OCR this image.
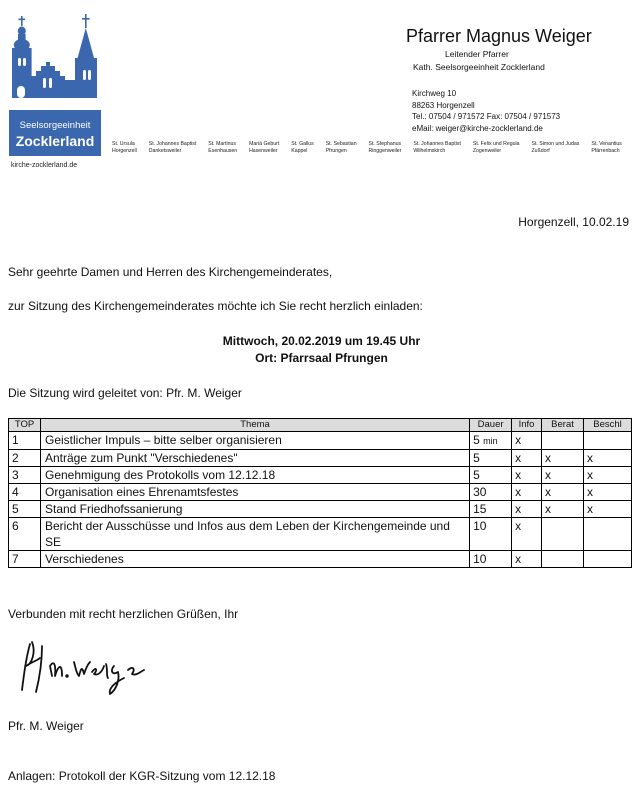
Seelsorgeeinheit
Zocklerland
kirche-zocklerland.de
St. Ursula
Horgenzell
St. Johannes Baptist
Danketsweiler
St. Martinus
Esenhausen
Mariä Geburt
Hasenweiler
St. Gallus
Kappel
St. Sebastian
Pfrungen
St. Stephanus
Ringgenweiler
St. Johannes Baptist
Wilhelmskirch
St. Felix und Regula
Zogenweiler
St. Simon und Judas
Zußdorf
St. Venantius
Pfärrenbach
Pfarrer Magnus Weiger
Leitender Pfarrer
Kath. Seelsorgeeinheit Zocklerland
Kirchweg 10
88263 Horgenzell
Tel.: 07504 / 971572 Fax: 07504 / 971573
eMail: weiger@kirche-zocklerland.de
Horgenzell, 10.02.19
Sehr geehrte Damen und Herren des Kirchengemeinderates,
zur Sitzung des Kirchengemeinderates möchte ich Sie recht herzlich einladen:
Mittwoch, 20.02.2019 um 19.45 Uhr
Ort: Pfarrsaal Pfrungen
Die Sitzung wird geleitet von: Pfr. M. Weiger
TOP	Thema	Dauer	Info	Berat	Beschl
1	Geistlicher Impuls – bitte selber organisieren	5 min	x		
2	Anträge zum Punkt "Verschiedenes"	5	x	x	x
3	Genehmigung des Protokolls vom 12.12.18	5	x	x	x
4	Organisation eines Ehrenamtsfestes	30	x	x	x
5	Stand Friedhofssanierung	15	x	x	x
6	Bericht der Ausschüsse und Infos aus dem Leben der Kirchengemeinde und SE	10	x		
7	Verschiedenes	10	x		
Verbunden mit recht herzlichen Grüßen, Ihr
Pfr. M. Weiger
Anlagen: Protokoll der KGR-Sitzung vom 12.12.18
